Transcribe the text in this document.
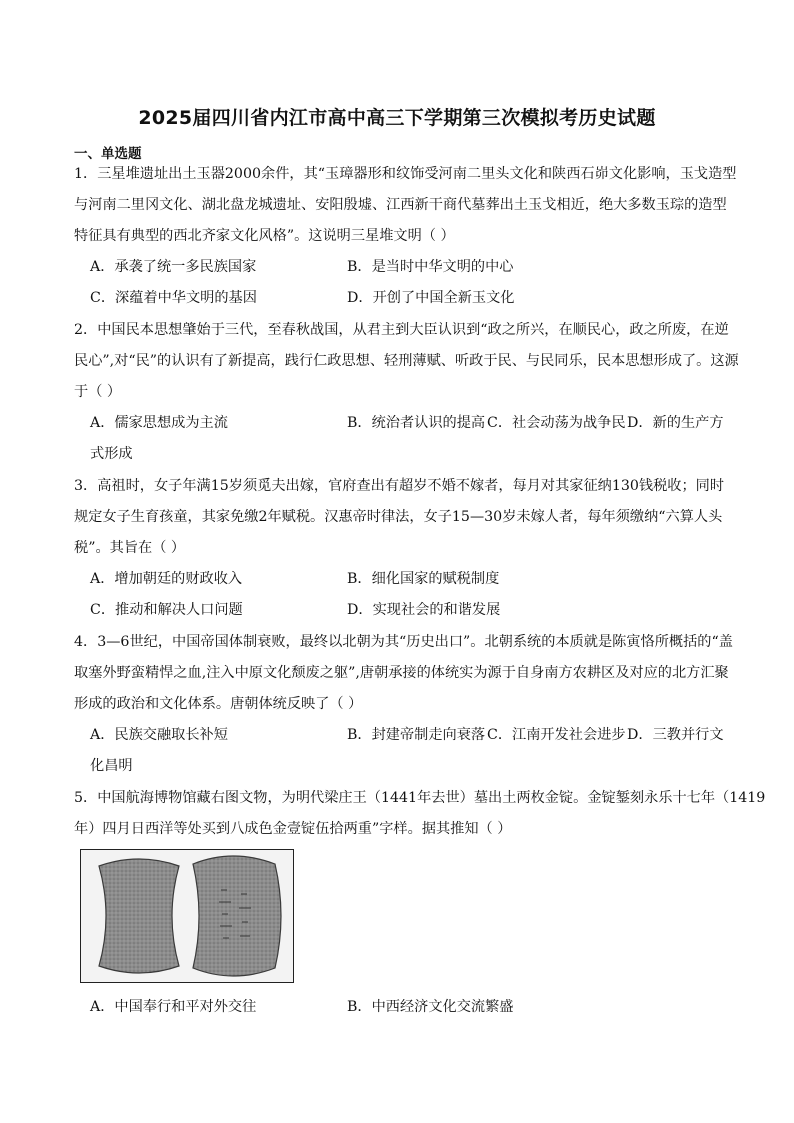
2025届四川省内江市高中高三下学期第三次模拟考历史试题
一、单选题
1．三星堆遗址出土玉器2000余件，其“玉璋器形和纹饰受河南二里头文化和陕西石峁文化影响，玉戈造型
与河南二里冈文化、湖北盘龙城遗址、安阳殷墟、江西新干商代墓葬出土玉戈相近，绝大多数玉琮的造型
特征具有典型的西北齐家文化风格”。这说明三星堆文明（ ）
A．承袭了统一多民族国家	B．是当时中华文明的中心
C．深蕴着中华文明的基因	D．开创了中国全新玉文化
2．中国民本思想肇始于三代，至春秋战国，从君主到大臣认识到“政之所兴，在顺民心，政之所废，在逆
民心”,对“民”的认识有了新提高，践行仁政思想、轻刑薄赋、听政于民、与民同乐，民本思想形成了。这源
于（ ）
A．儒家思想成为主流	B．统治者认识的提高 C．社会动荡为战争民 D．新的生产方
式形成
3．高祖时，女子年满15岁须觅夫出嫁，官府查出有超岁不婚不嫁者，每月对其家征纳130钱税收；同时
规定女子生育孩童，其家免缴2年赋税。汉惠帝时律法，女子15—30岁未嫁人者，每年须缴纳“六算人头
税”。其旨在（ ）
A．增加朝廷的财政收入	B．细化国家的赋税制度
C．推动和解决人口问题	D．实现社会的和谐发展
4．3—6世纪，中国帝国体制衰败，最终以北朝为其“历史出口”。北朝系统的本质就是陈寅恪所概括的“盖
取塞外野蛮精悍之血,注入中原文化颓废之躯”,唐朝承接的体统实为源于自身南方农耕区及对应的北方汇聚
形成的政治和文化体系。唐朝体统反映了（ ）
A．民族交融取长补短	B．封建帝制走向衰落 C．江南开发社会进步 D．三教并行文
化昌明
5．中国航海博物馆藏右图文物，为明代梁庄王（1441年去世）墓出土两枚金锭。金锭錾刻永乐十七年（1419
年）四月日西洋等处买到八成色金壹锭伍拾两重”字样。据其推知（ ）
A．中国奉行和平对外交往	B．中西经济文化交流繁盛
